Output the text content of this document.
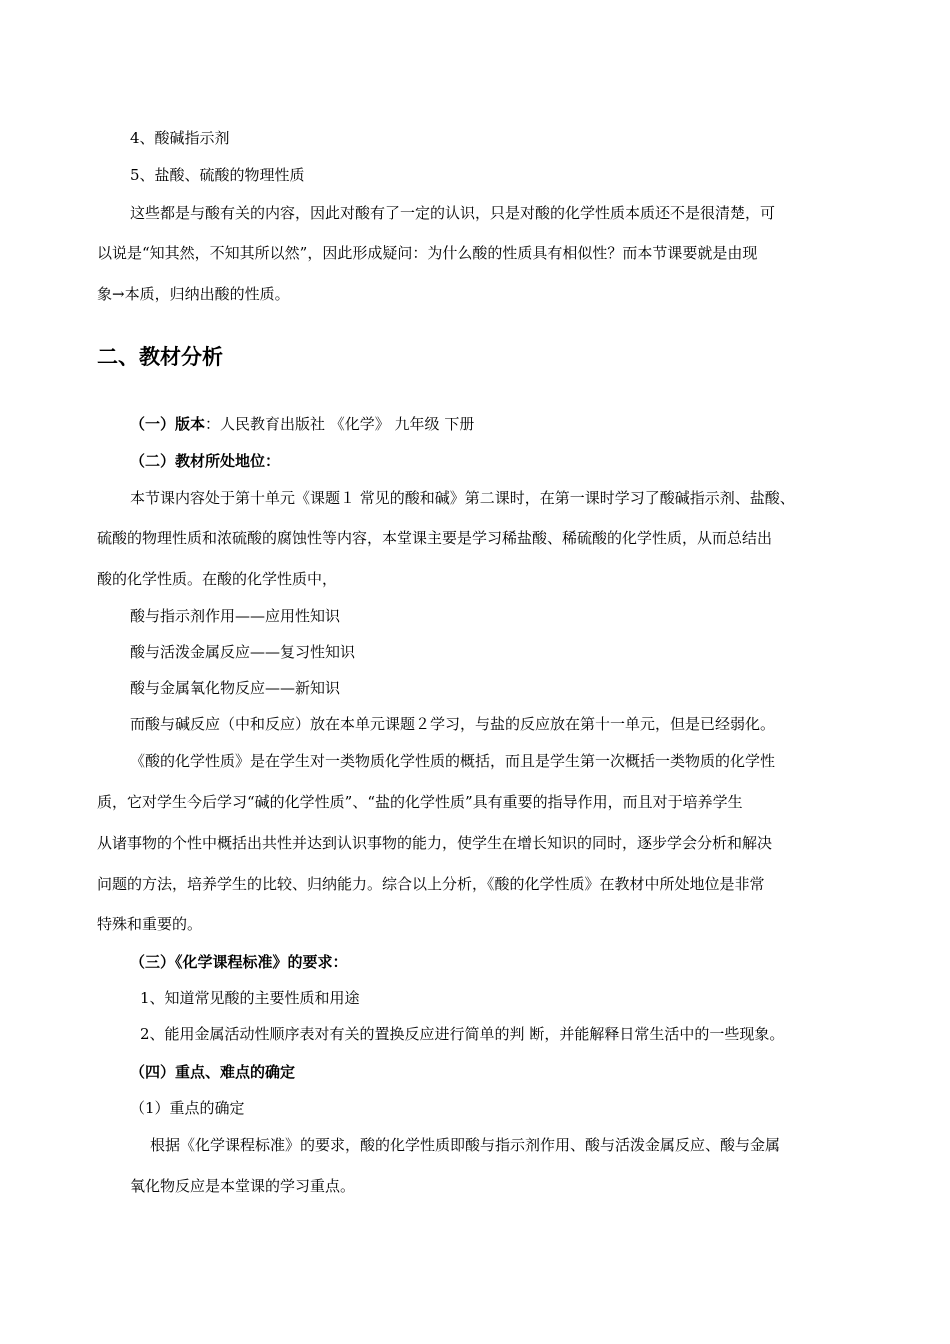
4、酸碱指示剂
5、盐酸、硫酸的物理性质
这些都是与酸有关的内容，因此对酸有了一定的认识，只是对酸的化学性质本质还不是很清楚，可
以说是“知其然，不知其所以然”，因此形成疑问：为什么酸的性质具有相似性？而本节课要就是由现
象→本质，归纳出酸的性质。
二、教材分析
（一）版本：人民教育出版社 《化学》 九年级 下册
（二）教材所处地位：
本节课内容处于第十单元《课题１ 常见的酸和碱》第二课时，在第一课时学习了酸碱指示剂、盐酸、
硫酸的物理性质和浓硫酸的腐蚀性等内容，本堂课主要是学习稀盐酸、稀硫酸的化学性质，从而总结出
酸的化学性质。在酸的化学性质中，
酸与指示剂作用——应用性知识
酸与活泼金属反应——复习性知识
酸与金属氧化物反应——新知识
而酸与碱反应（中和反应）放在本单元课题２学习，与盐的反应放在第十一单元，但是已经弱化。
《酸的化学性质》是在学生对一类物质化学性质的概括，而且是学生第一次概括一类物质的化学性
质，它对学生今后学习“碱的化学性质”、“盐的化学性质”具有重要的指导作用，而且对于培养学生
从诸事物的个性中概括出共性并达到认识事物的能力，使学生在增长知识的同时，逐步学会分析和解决
问题的方法，培养学生的比较、归纳能力。综合以上分析，《酸的化学性质》在教材中所处地位是非常
特殊和重要的。
（三）《化学课程标准》的要求：
1、知道常见酸的主要性质和用途
2、能用金属活动性顺序表对有关的置换反应进行简单的判 断，并能解释日常生活中的一些现象。
（四）重点、难点的确定
（1）重点的确定
根据《化学课程标准》的要求，酸的化学性质即酸与指示剂作用、酸与活泼金属反应、酸与金属
氧化物反应是本堂课的学习重点。
